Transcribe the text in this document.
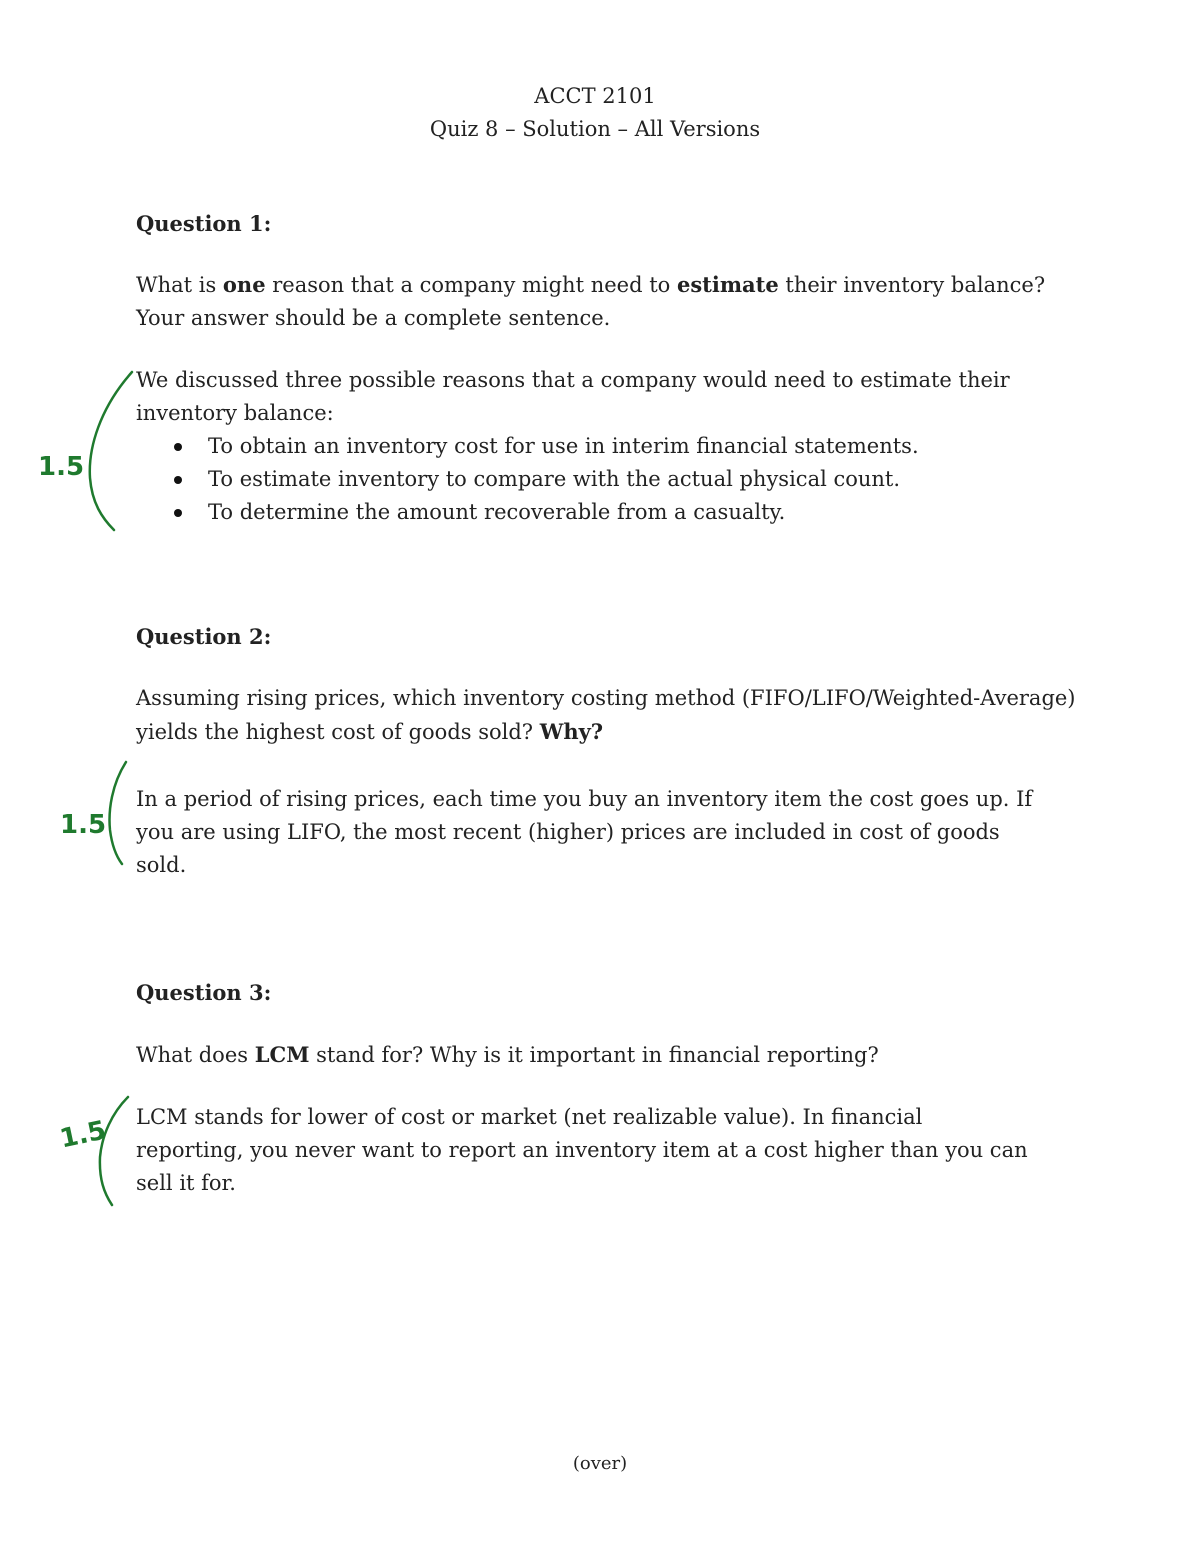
ACCT 2101
Quiz 8 – Solution – All Versions
Question 1:
What is one reason that a company might need to estimate their inventory balance? Your answer should be a complete sentence.
We discussed three possible reasons that a company would need to estimate their inventory balance:
To obtain an inventory cost for use in interim financial statements.
To estimate inventory to compare with the actual physical count.
To determine the amount recoverable from a casualty.
Question 2:
Assuming rising prices, which inventory costing method (FIFO/LIFO/Weighted-Average) yields the highest cost of goods sold? Why?
In a period of rising prices, each time you buy an inventory item the cost goes up. If you are using LIFO, the most recent (higher) prices are included in cost of goods sold.
Question 3:
What does LCM stand for? Why is it important in financial reporting?
LCM stands for lower of cost or market (net realizable value). In financial reporting, you never want to report an inventory item at a cost higher than you can sell it for.
1.5
1.5
1.5
(over)
